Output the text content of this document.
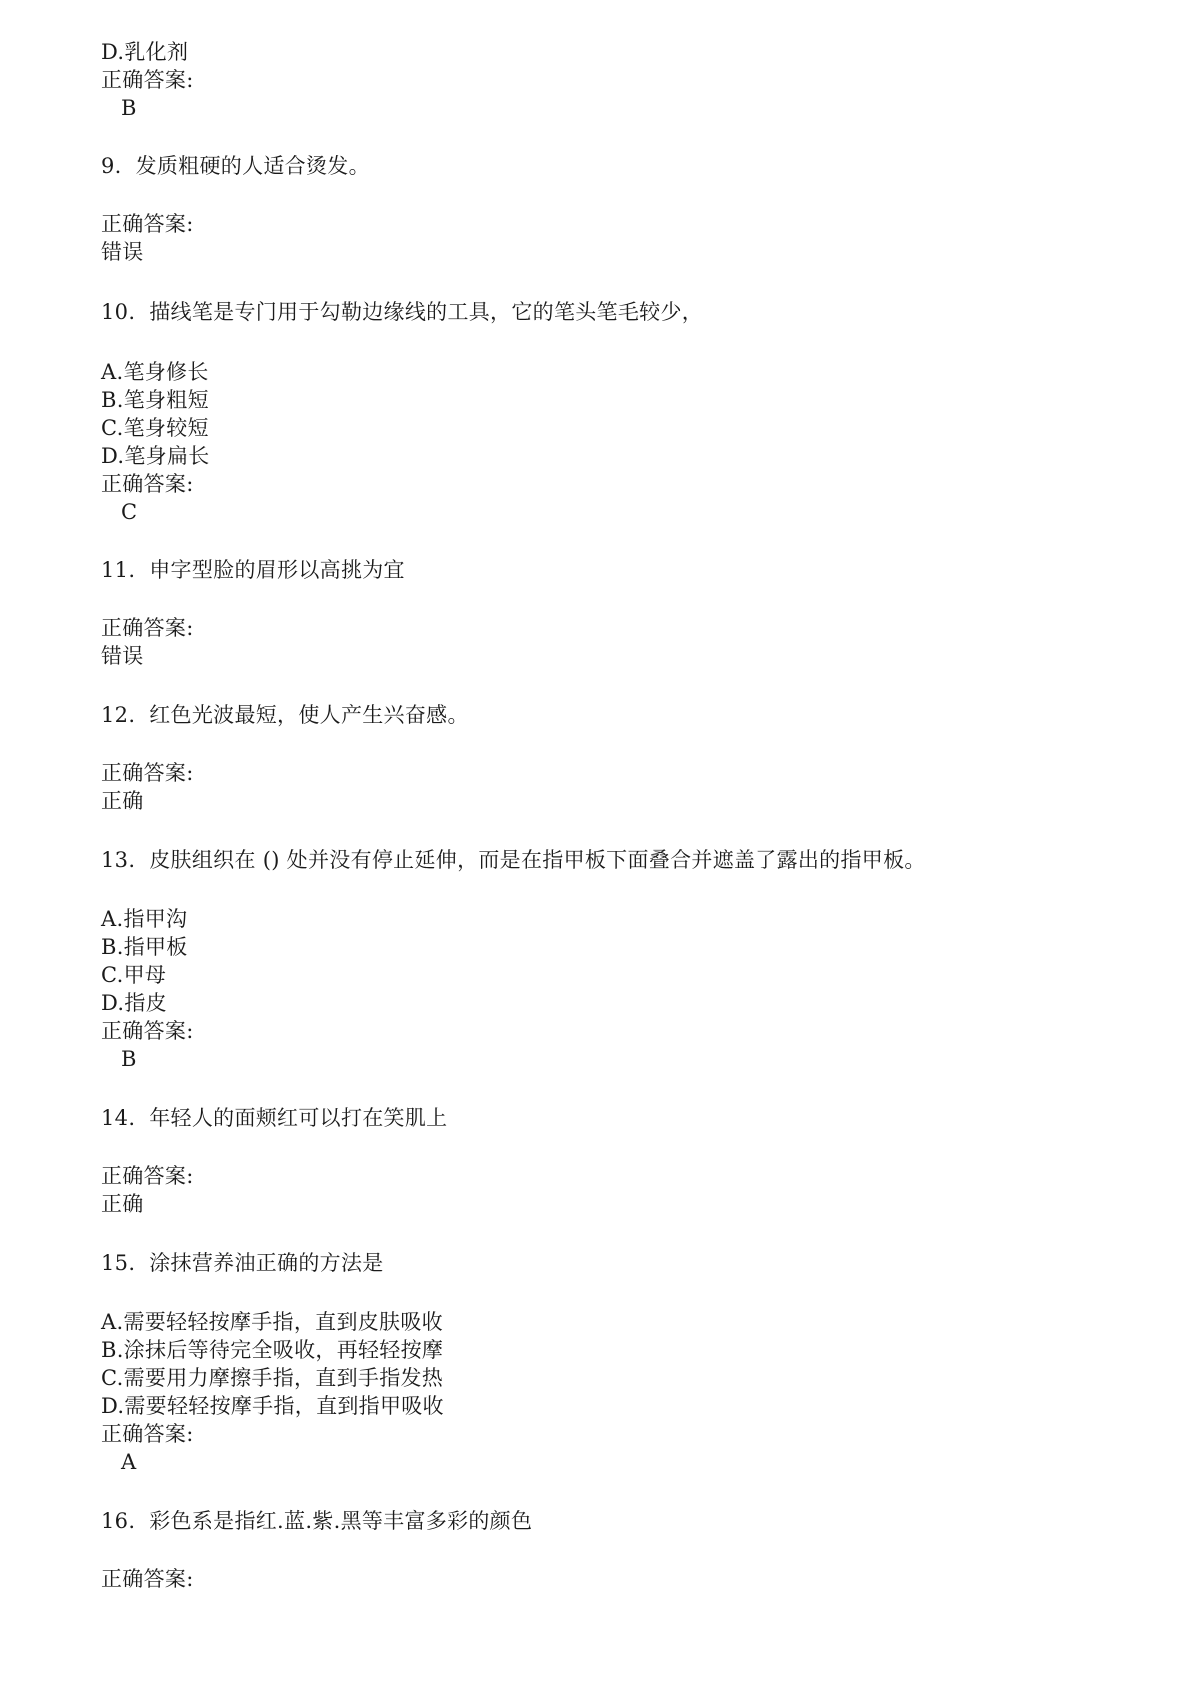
D.乳化剂
正确答案:
B
9.  发质粗硬的人适合烫发。
正确答案:
错误
10.  描线笔是专门用于勾勒边缘线的工具，它的笔头笔毛较少，
A.笔身修长
B.笔身粗短
C.笔身较短
D.笔身扁长
正确答案:
C
11.  申字型脸的眉形以高挑为宜
正确答案:
错误
12.  红色光波最短，使人产生兴奋感。
正确答案:
正确
13.  皮肤组织在 () 处并没有停止延伸，而是在指甲板下面叠合并遮盖了露出的指甲板。
A.指甲沟
B.指甲板
C.甲母
D.指皮
正确答案:
B
14.  年轻人的面颊红可以打在笑肌上
正确答案:
正确
15.  涂抹营养油正确的方法是
A.需要轻轻按摩手指，直到皮肤吸收
B.涂抹后等待完全吸收，再轻轻按摩
C.需要用力摩擦手指，直到手指发热
D.需要轻轻按摩手指，直到指甲吸收
正确答案:
A
16.  彩色系是指红.蓝.紫.黑等丰富多彩的颜色
正确答案:
